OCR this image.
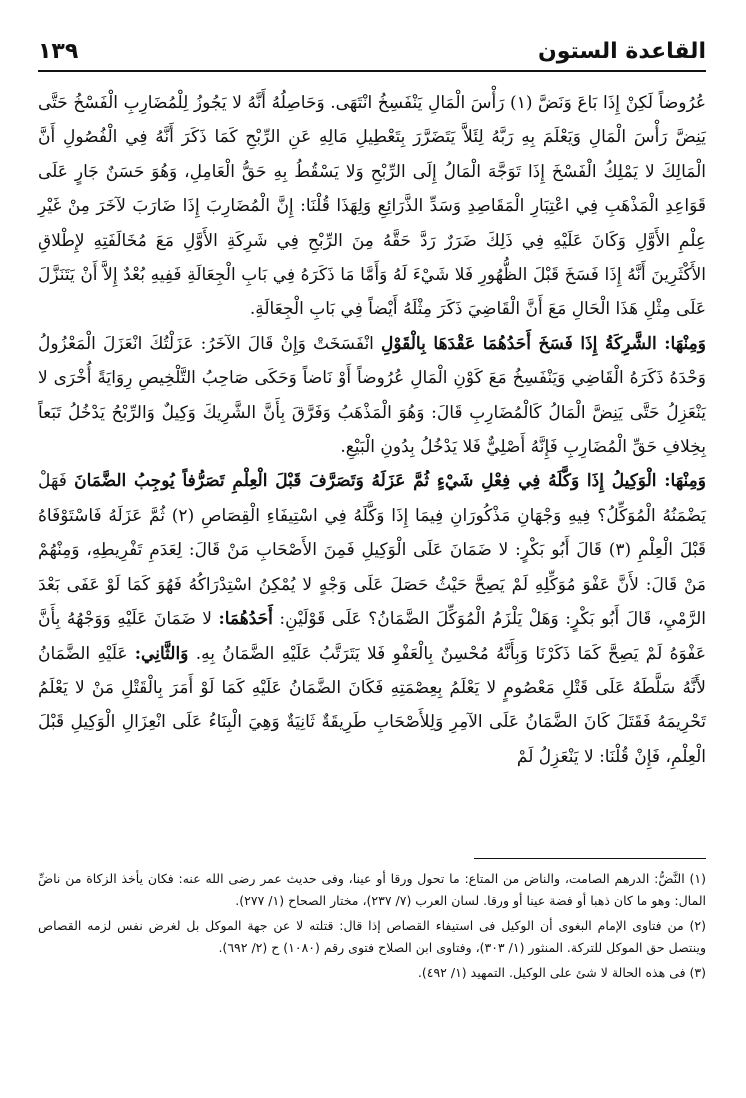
القاعدة الستون
١٣٩

عُرُوضاً لَكِنْ إِذَا بَاعَ وَنَضَّ (١) رَأْسَ الْمَالِ يَنْفَسِخُ انْتَهَى. وَحَاصِلُهُ أَنَّهُ لا يَجُوزُ لِلْمُضَارِبِ الْفَسْخُ حَتَّى يَنِضَّ رَأْسَ الْمَالِ وَيَعْلَمَ بِهِ رَبَّهُ لِئَلاَّ يَتَضَرَّرَ بِتَعْطِيلِ مَالِهِ عَنِ الرِّبْحِ كَمَا ذَكَرَ أَنَّهُ فِي الْفُصُولِ أَنَّ الْمَالِكَ لا يَمْلِكُ الْفَسْخَ إِذَا تَوَجَّهَ الْمَالُ إِلَى الرِّبْحِ وَلا يَسْقُطُ بِهِ حَقُّ الْعَامِلِ، وَهُوَ حَسَنٌ جَارٍ عَلَى قَوَاعِدِ الْمَذْهَبِ فِي اعْتِبَارِ الْمَقَاصِدِ وَسَدِّ الذَّرَائِعِ وَلِهَذَا قُلْنَا: إِنَّ الْمُضَارِبَ إِذَا ضَارَبَ لآخَرَ مِنْ غَيْرِ عِلْمِ الأَوَّلِ وَكَانَ عَلَيْهِ فِي ذَلِكَ ضَرَرٌ رَدَّ حَقَّهُ مِنَ الرِّبْحِ فِي شَرِكَةِ الأَوَّلِ مَعَ مُخَالَفَتِهِ لإِطْلاقِ الأَكْثَرِينَ أَنَّهُ إِذَا فَسَخَ قَبْلَ الظُّهُورِ فَلا شَيْءَ لَهُ وَأَمَّا مَا ذَكَرَهُ فِي بَابِ الْجِعَالَةِ فَفِيهِ بُعْدٌ إِلاَّ أَنْ يَتَنَزَّلَ عَلَى مِثْلِ هَذَا الْحَالِ مَعَ أَنَّ الْقَاضِيَ ذَكَرَ مِثْلَهُ أَيْضاً فِي بَابِ الْجِعَالَةِ.

وَمِنْهَا: الشَّرِكَةُ إِذَا فَسَخَ أَحَدُهُمَا عَقْدَهَا بِالْقَوْلِ انْفَسَخَتْ وَإِنْ قَالَ الآخَرُ: عَزَلْتُكَ انْعَزَلَ الْمَعْزُولُ وَحْدَهُ ذَكَرَهُ الْقَاضِي وَيَنْفَسِخُ مَعَ كَوْنِ الْمَالِ عُرُوضاً أَوْ نَاضاً وَحَكَى صَاحِبُ التَّلْخِيصِ رِوَايَةً أُخْرَى لا يَنْعَزِلُ حَتَّى يَنِضَّ الْمَالُ كَالْمُضَارِبِ قَالَ: وَهُوَ الْمَذْهَبُ وَفَرَّقَ بِأَنَّ الشَّرِيكَ وَكِيلٌ وَالرِّبْحُ يَدْخُلُ تَبَعاً بِخِلافِ حَقِّ الْمُضَارِبِ فَإِنَّهُ أَصْلِيٌّ فَلا يَدْخُلُ بِدُونِ الْبَيْعِ.

وَمِنْهَا: الْوَكِيلُ إِذَا وَكَّلَهُ فِي فِعْلِ شَيْءٍ ثُمَّ عَزَلَهُ وَتَصَرَّفَ قَبْلَ الْعِلْمِ تَصَرُّفاً يُوجِبُ الضَّمَانَ فَهَلْ يَضْمَنُهُ الْمُوَكِّلُ؟ فِيهِ وَجْهَانِ مَذْكُورَانِ فِيمَا إِذَا وَكَّلَهُ فِي اسْتِيفَاءِ الْقِصَاصِ (٢) ثُمَّ عَزَلَهُ فَاسْتَوْفَاهُ قَبْلَ الْعِلْمِ (٣) قَالَ أَبُو بَكْرٍ: لا ضَمَانَ عَلَى الْوَكِيلِ فَمِنَ الأَصْحَابِ مَنْ قَالَ: لِعَدَمِ تَفْرِيطِهِ، وَمِنْهُمْ مَنْ قَالَ: لأَنَّ عَفْوَ مُوَكِّلِهِ لَمْ يَصِحَّ حَيْثُ حَصَلَ عَلَى وَجْهٍ لا يُمْكِنُ اسْتِدْرَاكُهُ فَهُوَ كَمَا لَوْ عَفَى بَعْدَ الرَّمْيِ، قَالَ أَبُو بَكْرٍ: وَهَلْ يَلْزَمُ الْمُوَكِّلَ الضَّمَانُ؟ عَلَى قَوْلَيْنِ: أَحَدُهُمَا: لا ضَمَانَ عَلَيْهِ وَوَجْهُهُ بِأَنَّ عَفْوَهُ لَمْ يَصِحَّ كَمَا ذَكَرْنَا وَبِأَنَّهُ مُحْسِنٌ بِالْعَفْوِ فَلا يَتَرَتَّبُ عَلَيْهِ الضَّمَانُ بِهِ. وَالثَّانِي: عَلَيْهِ الضَّمَانُ لأَنَّهُ سَلَّطَهُ عَلَى قَتْلِ مَعْصُومٍ لا يَعْلَمُ بِعِصْمَتِهِ فَكَانَ الضَّمَانُ عَلَيْهِ كَمَا لَوْ أَمَرَ بِالْقَتْلِ مَنْ لا يَعْلَمُ تَحْرِيمَهُ فَقَتَلَ كَانَ الضَّمَانُ عَلَى الآمِرِ وَلِلأَصْحَابِ طَرِيقَةٌ ثَانِيَةٌ وَهِيَ الْبِنَاءُ عَلَى انْعِزَالِ الْوَكِيلِ قَبْلَ الْعِلْمِ، فَإِنْ قُلْنَا: لا يَنْعَزِلُ لَمْ

(١) النَّضُّ: الدرهم الصامت، والناض من المتاع: ما تحول ورقا أو عينا، وفى حديث عمر رضى الله عنه: فكان يأخذ الزكاة من ناضِّ المال: وهو ما كان ذهبا أو فضة عينا أو ورقا. لسان العرب (٧/ ٢٣٧)، مختار الصحاح (١/ ٢٧٧).

(٢) من فتاوى الإمام البغوى أن الوكيل فى استيفاء القصاص إذا قال: قتلته لا عن جهة الموكل بل لغرض نفس لزمه القصاص وينتصل حق الموكل للتركة. المنثور (١/ ٣٠٣)، وفتاوى ابن الصلاح فتوى رقم (١٠٨٠) ح (٢/ ٦٩٢).

(٣) فى هذه الحالة لا شئ على الوكيل. التمهيد (١/ ٤٩٢).
